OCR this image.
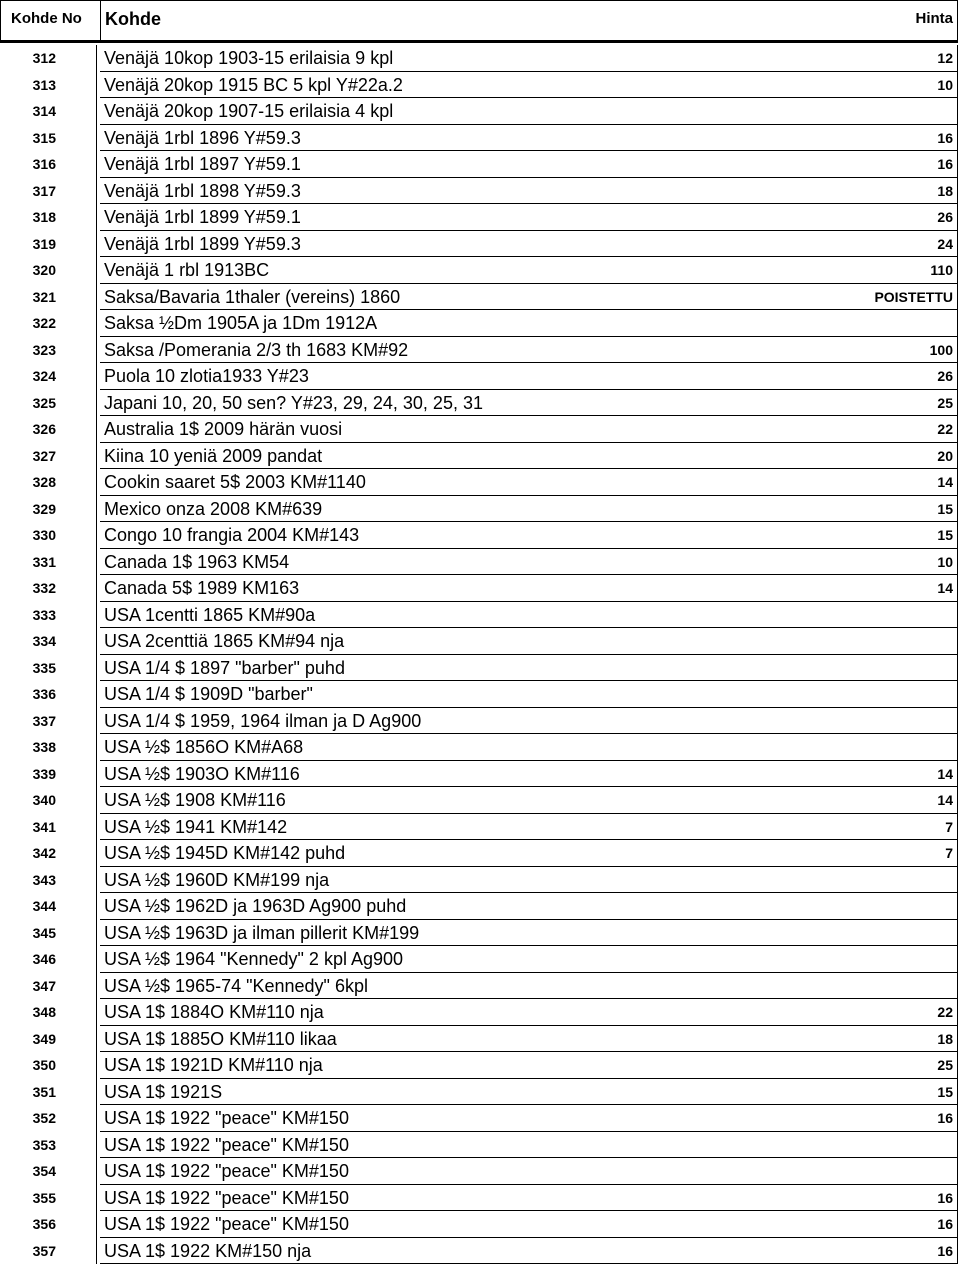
Kohde No	Kohde	Hinta
312	Venäjä 10kop 1903-15 erilaisia 9 kpl	12
313	Venäjä 20kop 1915 BC 5 kpl Y#22a.2	10
314	Venäjä 20kop 1907-15 erilaisia 4 kpl
315	Venäjä 1rbl 1896 Y#59.3	16
316	Venäjä 1rbl 1897 Y#59.1	16
317	Venäjä 1rbl 1898 Y#59.3	18
318	Venäjä 1rbl 1899 Y#59.1	26
319	Venäjä 1rbl 1899 Y#59.3	24
320	Venäjä 1 rbl 1913BC	110
321	Saksa/Bavaria 1thaler (vereins) 1860	POISTETTU
322	Saksa ½Dm 1905A ja 1Dm 1912A
323	Saksa /Pomerania 2/3 th 1683 KM#92	100
324	Puola 10 zlotia1933 Y#23	26
325	Japani 10, 20, 50 sen? Y#23, 29, 24, 30, 25, 31	25
326	Australia 1$ 2009 härän vuosi	22
327	Kiina 10 yeniä 2009 pandat	20
328	Cookin saaret 5$ 2003 KM#1140	14
329	Mexico onza 2008 KM#639	15
330	Congo 10 frangia 2004 KM#143	15
331	Canada 1$ 1963 KM54	10
332	Canada 5$ 1989 KM163	14
333	USA 1centti 1865 KM#90a
334	USA 2centtiä 1865 KM#94 nja
335	USA 1/4 $ 1897 "barber" puhd
336	USA 1/4 $ 1909D "barber"
337	USA 1/4 $ 1959, 1964 ilman ja D Ag900
338	USA ½$ 1856O KM#A68
339	USA ½$ 1903O KM#116	14
340	USA ½$ 1908 KM#116	14
341	USA ½$ 1941 KM#142	7
342	USA ½$ 1945D KM#142 puhd	7
343	USA ½$ 1960D KM#199 nja
344	USA ½$ 1962D ja 1963D Ag900 puhd
345	USA ½$ 1963D ja ilman pillerit KM#199
346	USA ½$ 1964 "Kennedy" 2 kpl Ag900
347	USA ½$ 1965-74 "Kennedy" 6kpl
348	USA 1$ 1884O KM#110 nja	22
349	USA 1$ 1885O KM#110 likaa	18
350	USA 1$ 1921D KM#110 nja	25
351	USA 1$ 1921S	15
352	USA 1$ 1922 "peace" KM#150	16
353	USA 1$ 1922 "peace" KM#150
354	USA 1$ 1922 "peace" KM#150
355	USA 1$ 1922 "peace" KM#150	16
356	USA 1$ 1922 "peace" KM#150	16
357	USA 1$ 1922 KM#150 nja	16
